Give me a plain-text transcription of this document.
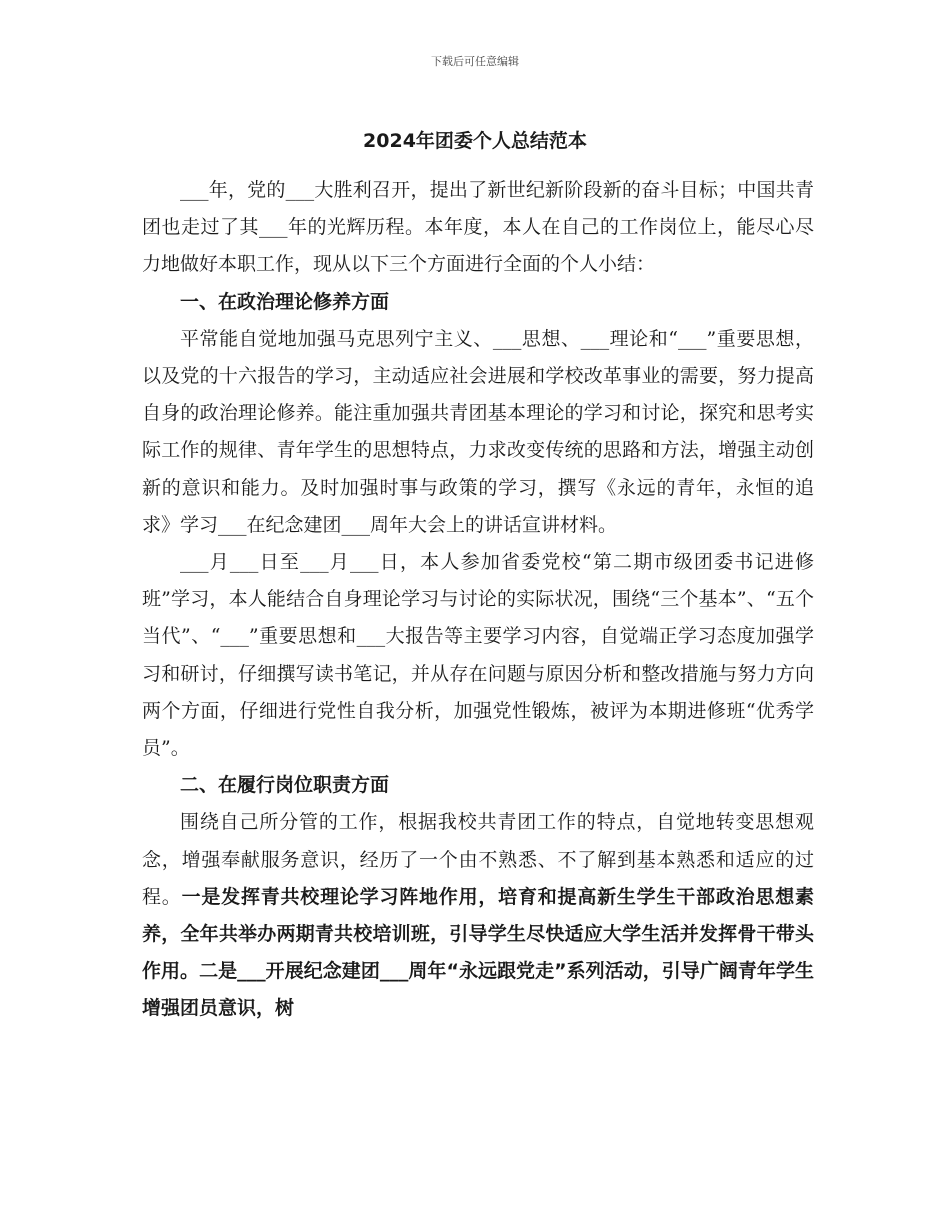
下载后可任意编辑
2024年团委个人总结范本

___年，党的___大胜利召开，提出了新世纪新阶段新的奋斗目标；中国共青团也走过了其___年的光辉历程。本年度，本人在自己的工作岗位上，能尽心尽力地做好本职工作，现从以下三个方面进行全面的个人小结：

一、在政治理论修养方面

平常能自觉地加强马克思列宁主义、___思想、___理论和“___”重要思想，以及党的十六报告的学习，主动适应社会进展和学校改革事业的需要，努力提高自身的政治理论修养。能注重加强共青团基本理论的学习和讨论，探究和思考实际工作的规律、青年学生的思想特点，力求改变传统的思路和方法，增强主动创新的意识和能力。及时加强时事与政策的学习，撰写《永远的青年，永恒的追求》学习___在纪念建团___周年大会上的讲话宣讲材料。

___月___日至___月___日，本人参加省委党校“第二期市级团委书记进修班”学习，本人能结合自身理论学习与讨论的实际状况，围绕“三个基本”、“五个当代”、“___”重要思想和___大报告等主要学习内容，自觉端正学习态度加强学习和研讨，仔细撰写读书笔记，并从存在问题与原因分析和整改措施与努力方向两个方面，仔细进行党性自我分析，加强党性锻炼，被评为本期进修班“优秀学员”。

二、在履行岗位职责方面

围绕自己所分管的工作，根据我校共青团工作的特点，自觉地转变思想观念，增强奉献服务意识，经历了一个由不熟悉、不了解到基本熟悉和适应的过程。一是发挥青共校理论学习阵地作用，培育和提高新生学生干部政治思想素养，全年共举办两期青共校培训班，引导学生尽快适应大学生活并发挥骨干带头作用。二是___开展纪念建团___周年“永远跟党走”系列活动，引导广阔青年学生增强团员意识，树
